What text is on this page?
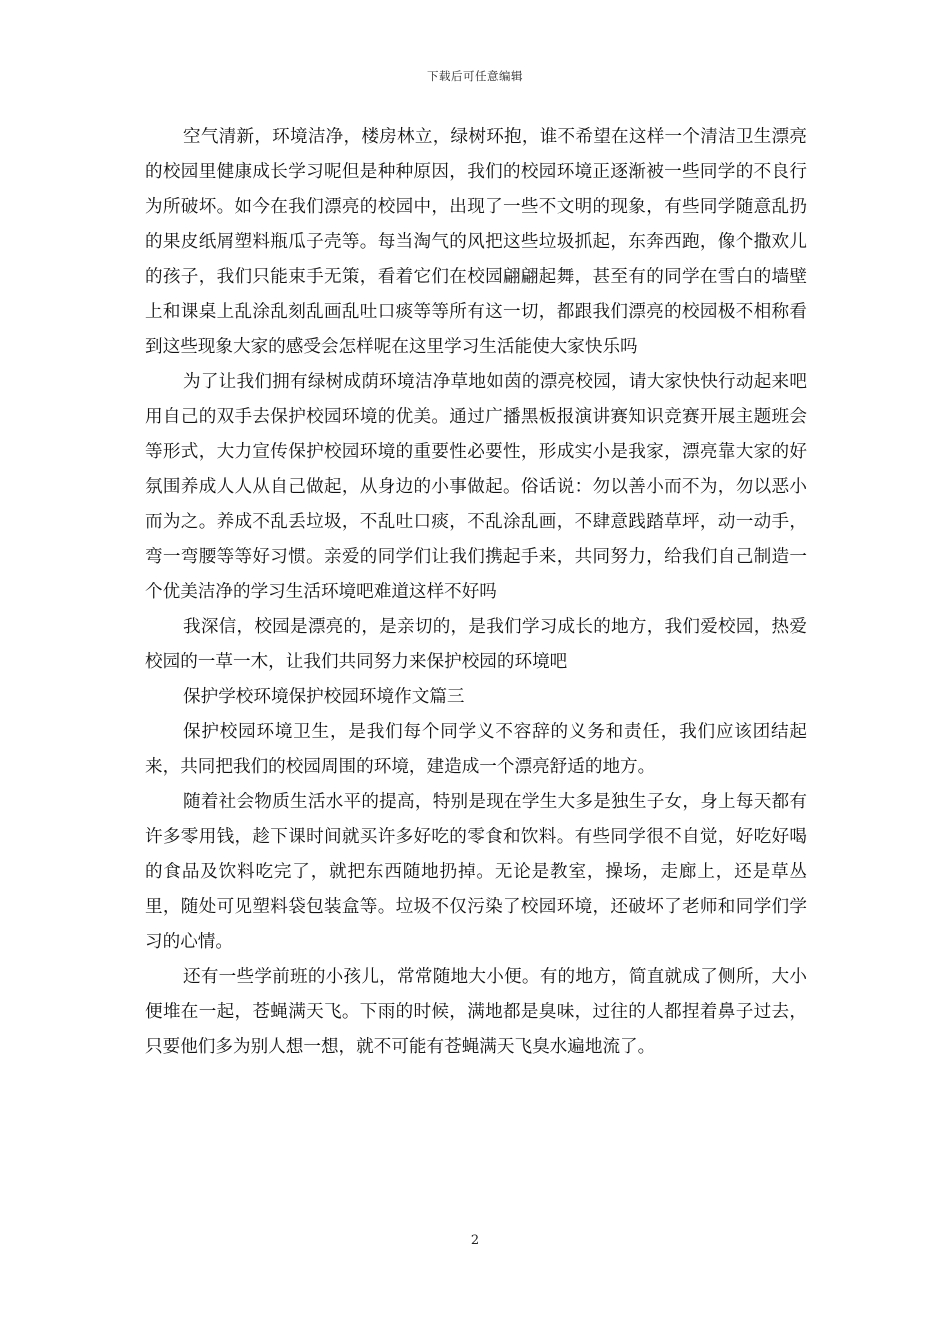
下载后可任意编辑

空气清新，环境洁净，楼房林立，绿树环抱，谁不希望在这样一个清洁卫生漂亮的校园里健康成长学习呢但是种种原因，我们的校园环境正逐渐被一些同学的不良行为所破坏。如今在我们漂亮的校园中，出现了一些不文明的现象，有些同学随意乱扔的果皮纸屑塑料瓶瓜子壳等。每当淘气的风把这些垃圾抓起，东奔西跑，像个撒欢儿的孩子，我们只能束手无策，看着它们在校园翩翩起舞，甚至有的同学在雪白的墙壁上和课桌上乱涂乱刻乱画乱吐口痰等等所有这一切，都跟我们漂亮的校园极不相称看到这些现象大家的感受会怎样呢在这里学习生活能使大家快乐吗

为了让我们拥有绿树成荫环境洁净草地如茵的漂亮校园，请大家快快行动起来吧用自己的双手去保护校园环境的优美。通过广播黑板报演讲赛知识竞赛开展主题班会等形式，大力宣传保护校园环境的重要性必要性，形成实小是我家，漂亮靠大家的好氛围养成人人从自己做起，从身边的小事做起。俗话说：勿以善小而不为，勿以恶小而为之。养成不乱丢垃圾，不乱吐口痰，不乱涂乱画，不肆意践踏草坪，动一动手，弯一弯腰等等好习惯。亲爱的同学们让我们携起手来，共同努力，给我们自己制造一个优美洁净的学习生活环境吧难道这样不好吗

我深信，校园是漂亮的，是亲切的，是我们学习成长的地方，我们爱校园，热爱校园的一草一木，让我们共同努力来保护校园的环境吧

保护学校环境保护校园环境作文篇三

保护校园环境卫生，是我们每个同学义不容辞的义务和责任，我们应该团结起来，共同把我们的校园周围的环境，建造成一个漂亮舒适的地方。

随着社会物质生活水平的提高，特别是现在学生大多是独生子女，身上每天都有许多零用钱，趁下课时间就买许多好吃的零食和饮料。有些同学很不自觉，好吃好喝的食品及饮料吃完了，就把东西随地扔掉。无论是教室，操场，走廊上，还是草丛里，随处可见塑料袋包装盒等。垃圾不仅污染了校园环境，还破坏了老师和同学们学习的心情。

还有一些学前班的小孩儿，常常随地大小便。有的地方，简直就成了侧所，大小便堆在一起，苍蝇满天飞。下雨的时候，满地都是臭味，过往的人都捏着鼻子过去，只要他们多为别人想一想，就不可能有苍蝇满天飞臭水遍地流了。

2
